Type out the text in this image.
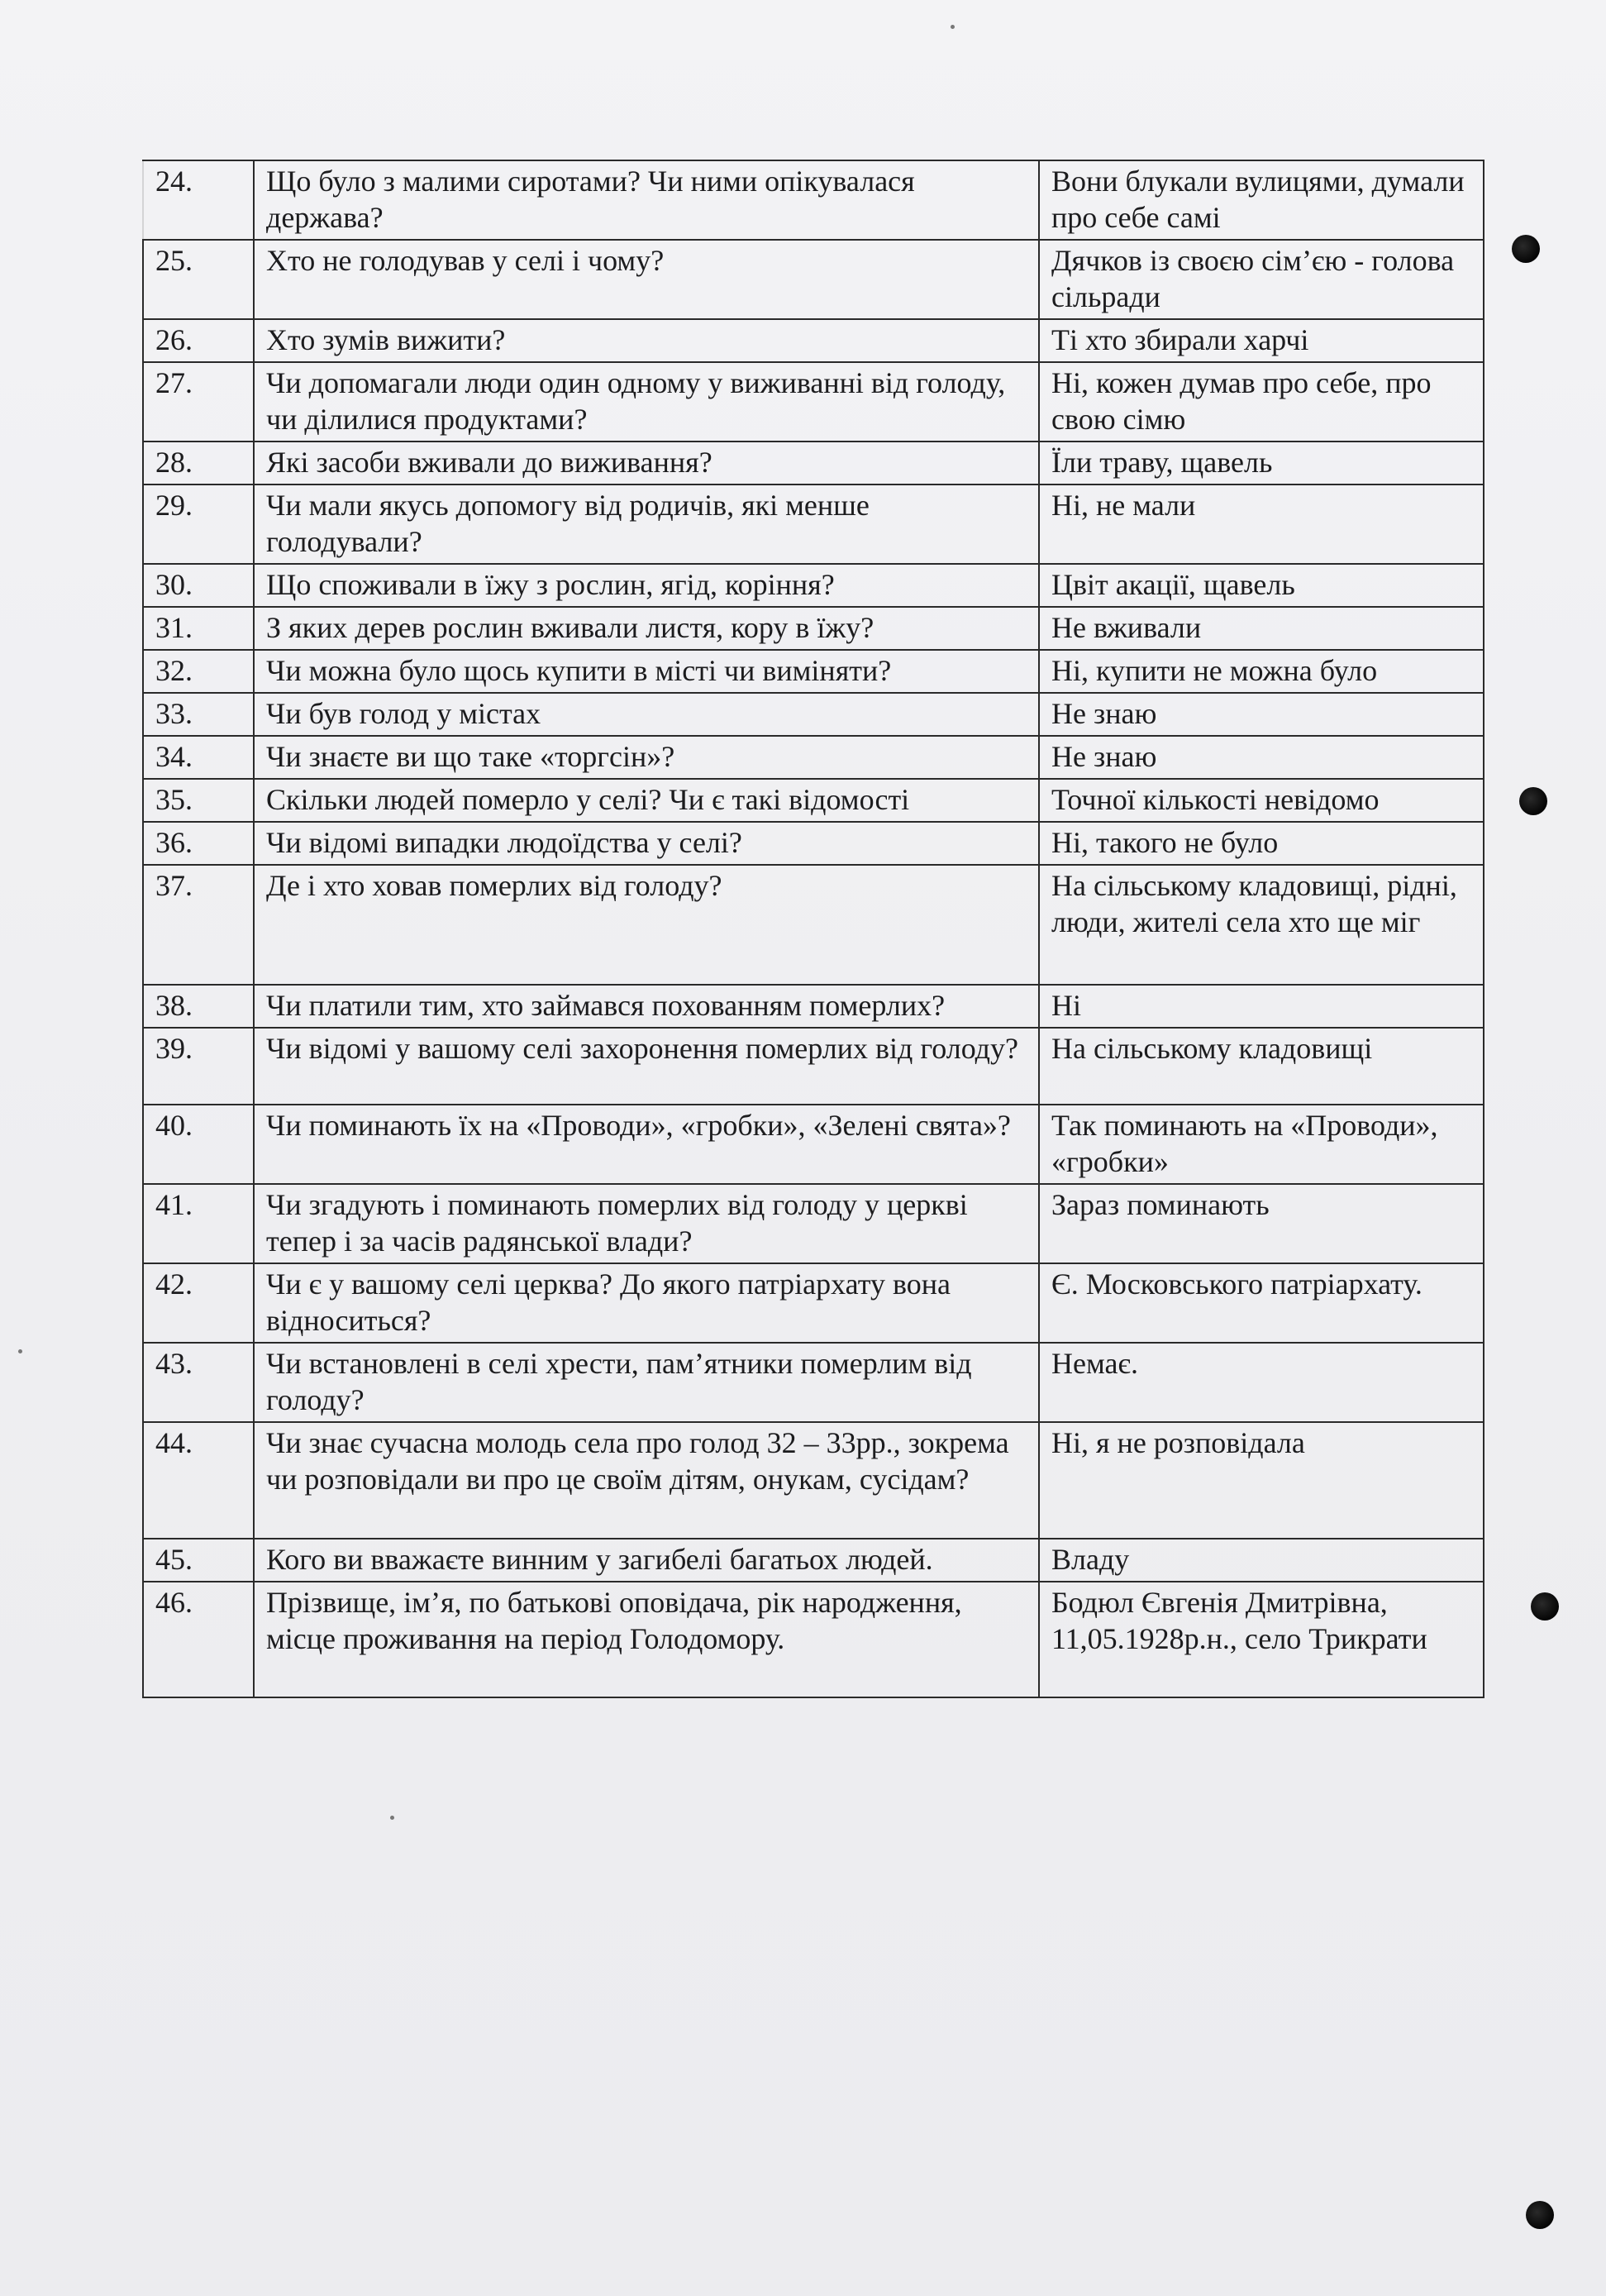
24.	Що було з малими сиротами? Чи ними опікувалася держава?	Вони блукали вулицями, думали про себе самі
25.	Хто не голодував у селі і чому?	Дячков із своєю сім’єю - голова сільради
26.	Хто зумів вижити?	Ті хто збирали харчі
27.	Чи допомагали люди один одному у виживанні від голоду, чи ділилися продуктами?	Ні, кожен думав про себе, про свою сімю
28.	Які засоби вживали до виживання?	Їли траву, щавель
29.	Чи мали якусь допомогу від родичів, які менше голодували?	Ні, не мали
30.	Що споживали в їжу з рослин, ягід, коріння?	Цвіт акації, щавель
31.	З яких дерев рослин вживали листя, кору в їжу?	Не вживали
32.	Чи можна було щось купити в місті чи виміняти?	Ні, купити не можна було
33.	Чи був голод у містах	Не знаю
34.	Чи знаєте ви що таке «торгсін»?	Не знаю
35.	Скільки людей померло у селі? Чи є такі відомості	Точної кількості невідомо
36.	Чи відомі випадки людоїдства у селі?	Ні, такого не було
37.	Де і хто ховав померлих від голоду?	На сільському кладовищі, рідні, люди, жителі села хто ще міг
38.	Чи платили тим, хто займався похованням померлих?	Ні
39.	Чи відомі у вашому селі захоронення померлих від голоду?	На сільському кладовищі
40.	Чи поминають їх на «Проводи», «гробки», «Зелені свята»?	Так поминають на «Проводи», «гробки»
41.	Чи згадують і поминають померлих від голоду у церкві тепер і за часів радянської влади?	Зараз поминають
42.	Чи є у вашому селі церква? До якого патріархату вона відноситься?	Є. Московського патріархату.
43.	Чи встановлені в селі хрести, пам’ятники померлим від голоду?	Немає.
44.	Чи знає сучасна молодь села про голод 32 – 33рр., зокрема чи розповідали ви про це своїм дітям, онукам, сусідам?	Ні, я не розповідала
45.	Кого ви вважаєте винним у загибелі багатьох людей.	Владу
46.	Прізвище, ім’я, по батькові оповідача, рік народження, місце проживання на період Голодомору.	Бодюл Євгенія Дмитрівна, 11,05.1928р.н., село Трикрати
